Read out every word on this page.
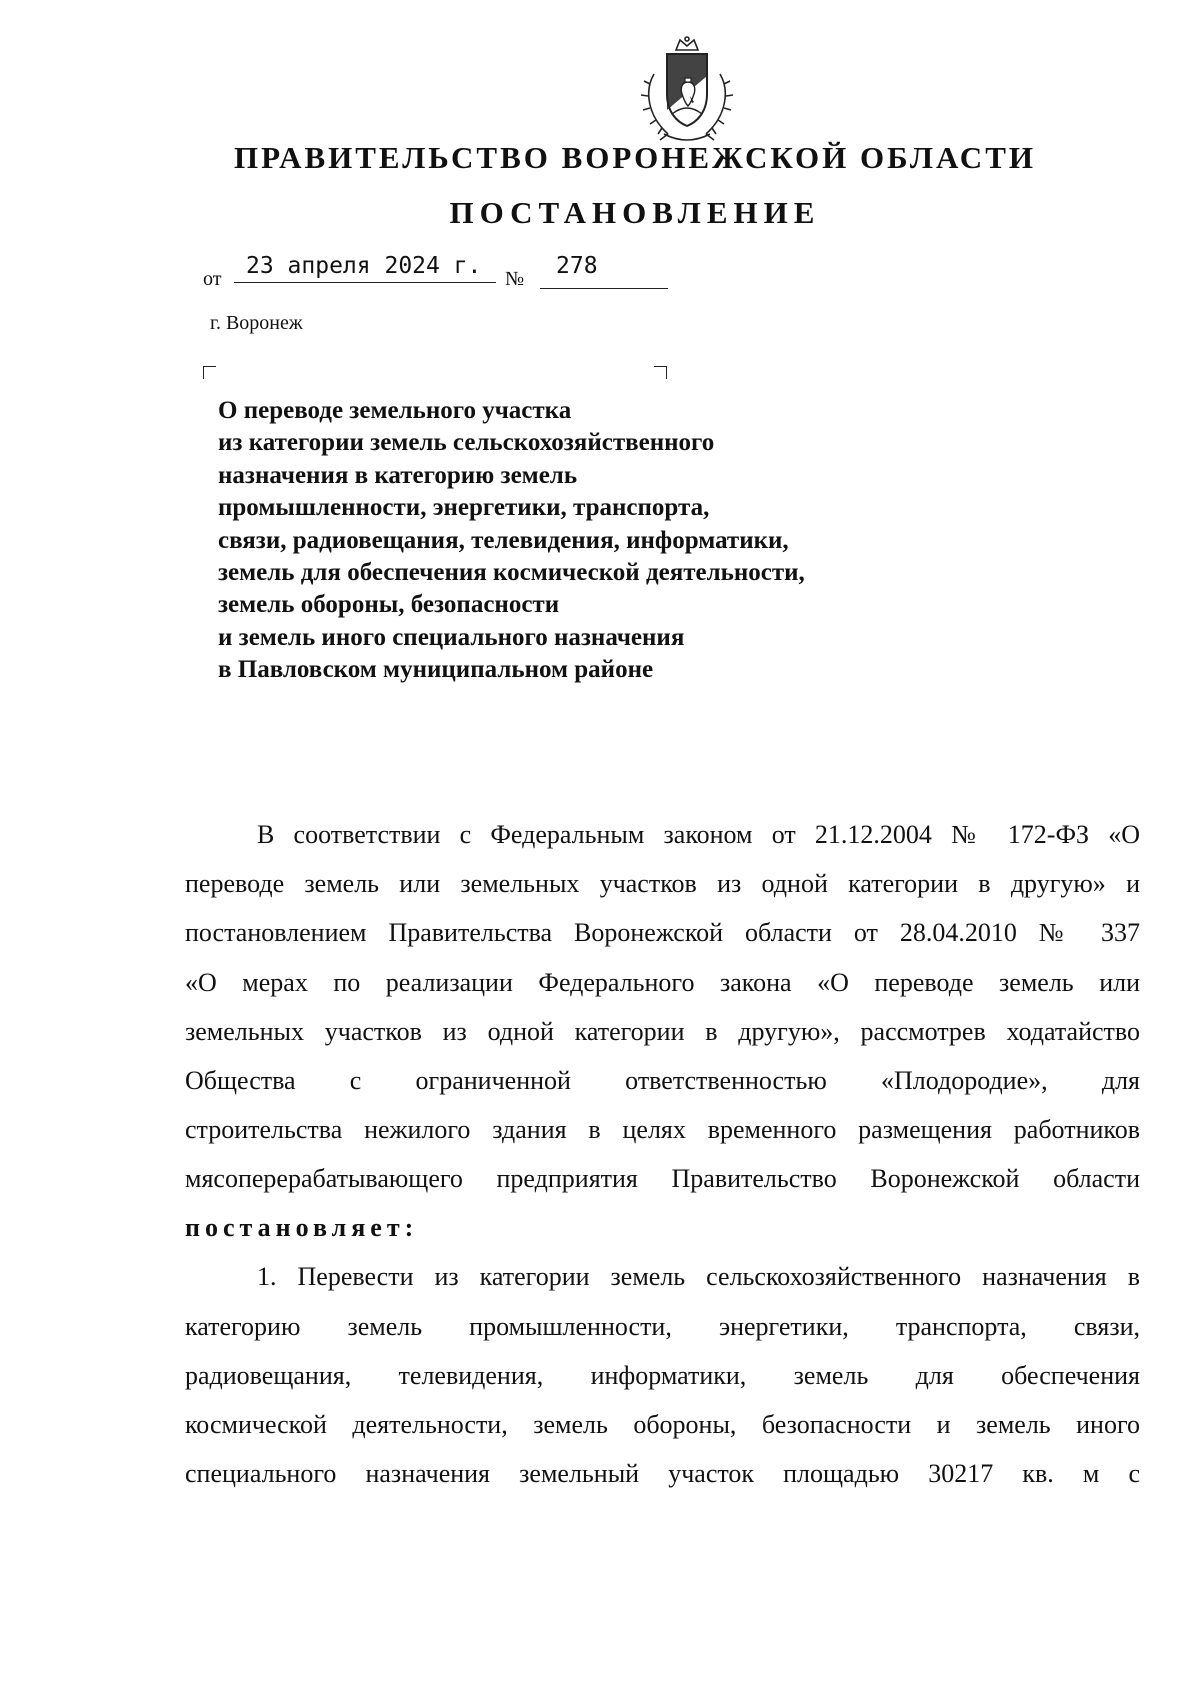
ПРАВИТЕЛЬСТВО ВОРОНЕЖСКОЙ ОБЛАСТИ
ПОСТАНОВЛЕНИЕ
от 23 апреля 2024 г. № 278
г. Воронеж
О переводе земельного участка
из категории земель сельскохозяйственного
назначения в категорию земель
промышленности, энергетики, транспорта,
связи, радиовещания, телевидения, информатики,
земель для обеспечения космической деятельности,
земель обороны, безопасности
и земель иного специального назначения
в Павловском муниципальном районе
В соответствии с Федеральным законом от 21.12.2004 № 172-ФЗ «О
переводе земель или земельных участков из одной категории в другую» и
постановлением Правительства Воронежской области от 28.04.2010 № 337
«О мерах по реализации Федерального закона «О переводе земель или
земельных участков из одной категории в другую», рассмотрев ходатайство
Общества с ограниченной ответственностью «Плодородие», для
строительства нежилого здания в целях временного размещения работников
мясоперерабатывающего предприятия Правительство Воронежской области
постановляет:
1. Перевести из категории земель сельскохозяйственного назначения в
категорию земель промышленности, энергетики, транспорта, связи,
радиовещания, телевидения, информатики, земель для обеспечения
космической деятельности, земель обороны, безопасности и земель иного
специального назначения земельный участок площадью 30217 кв. м с
